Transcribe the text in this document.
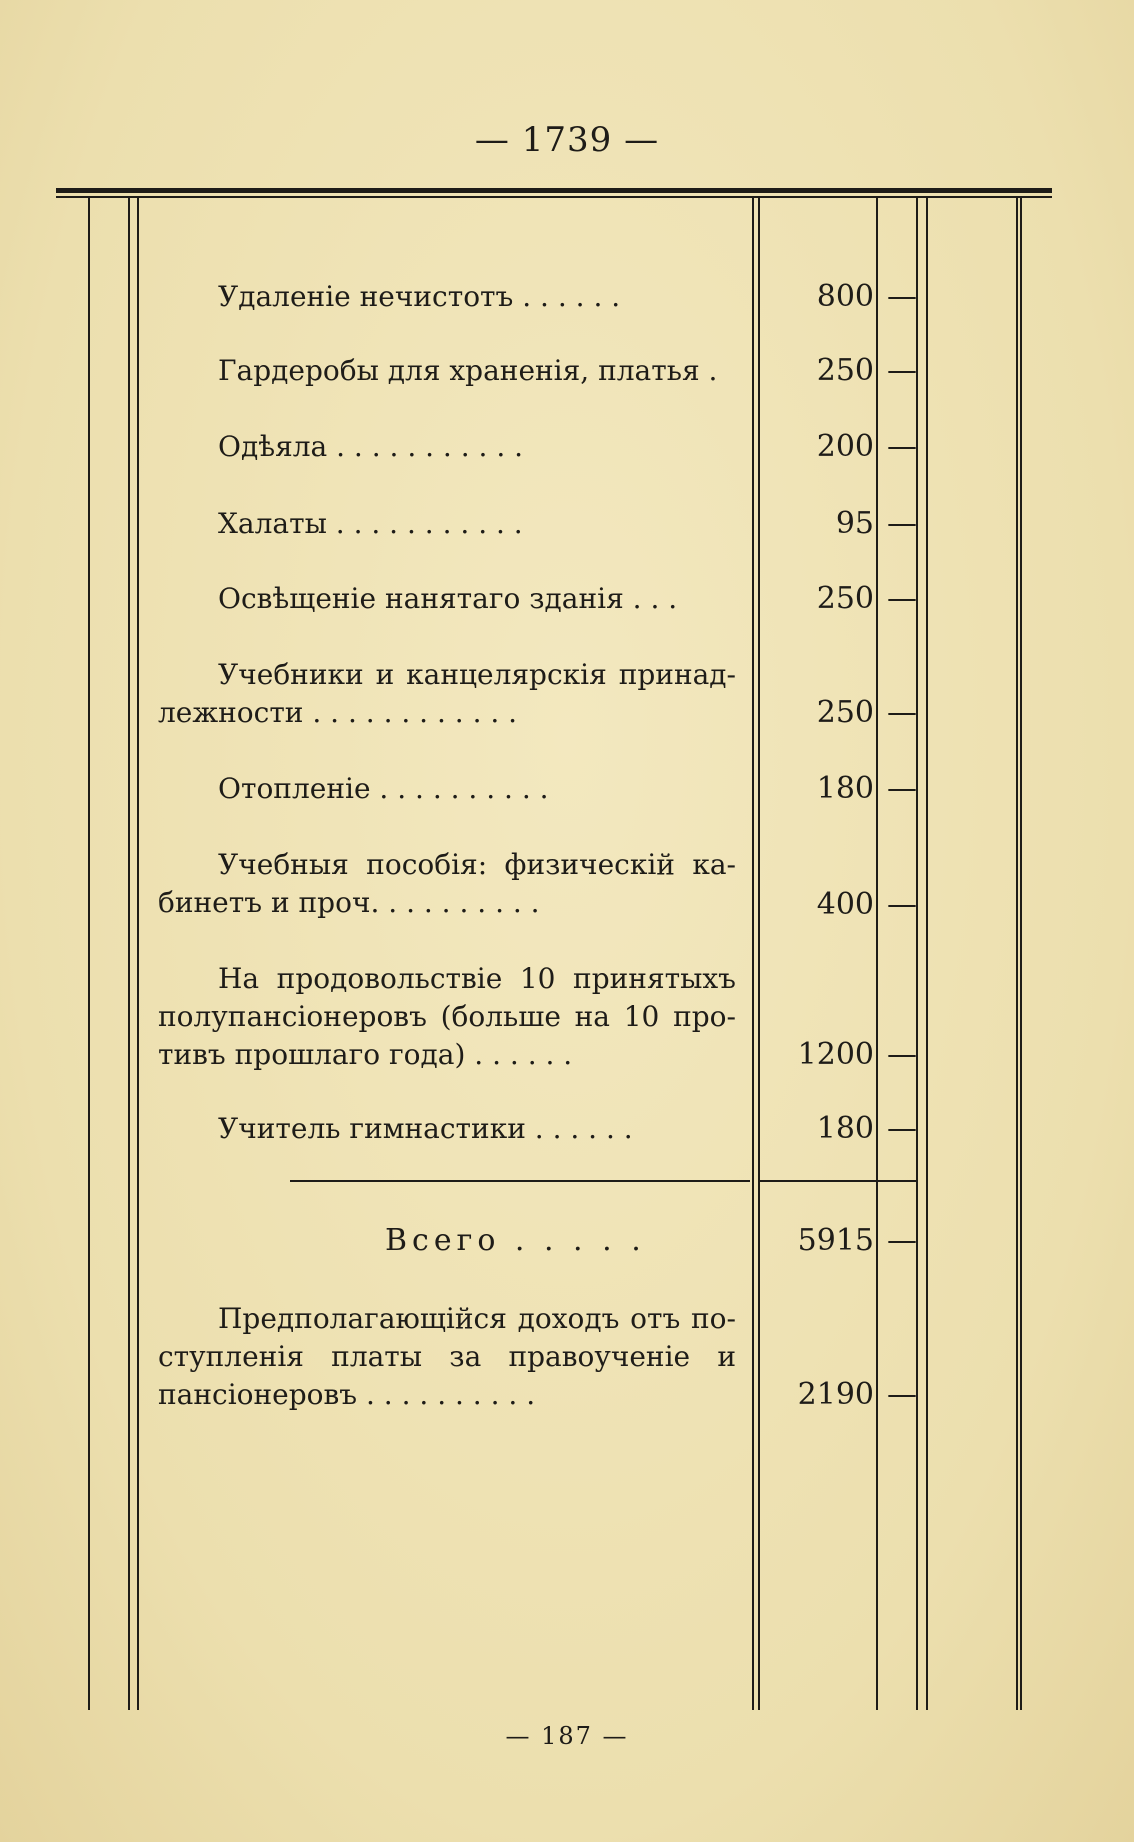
— 1739 —
Удаленіе нечистотъ . . . . . .	800 —
Гардеробы для храненія, платья .	250 —
Одѣяла . . . . . . . . . . .	200 —
Халаты . . . . . . . . . . .	95 —
Освѣщеніе нанятаго зданія . . .	250 —
Учебники и канцелярскія принад-
лежности . . . . . . . . . . . .	250 —
Отопленіе . . . . . . . . . .	180 —
Учебныя пособія: физическій ка-
бинетъ и проч. . . . . . . . . .	400 —
На продовольствіе 10 принятыхъ
полупансіонеровъ (больше на 10 про-
тивъ прошлаго года) . . . . . .	1200 —
Учитель гимнастики . . . . . .	180 —
Всего . . . . .	5915 —
Предполагающійся доходъ отъ по-
ступленія платы за правоученіе и
пансіонеровъ . . . . . . . . . .	2190 —
— 187 —
